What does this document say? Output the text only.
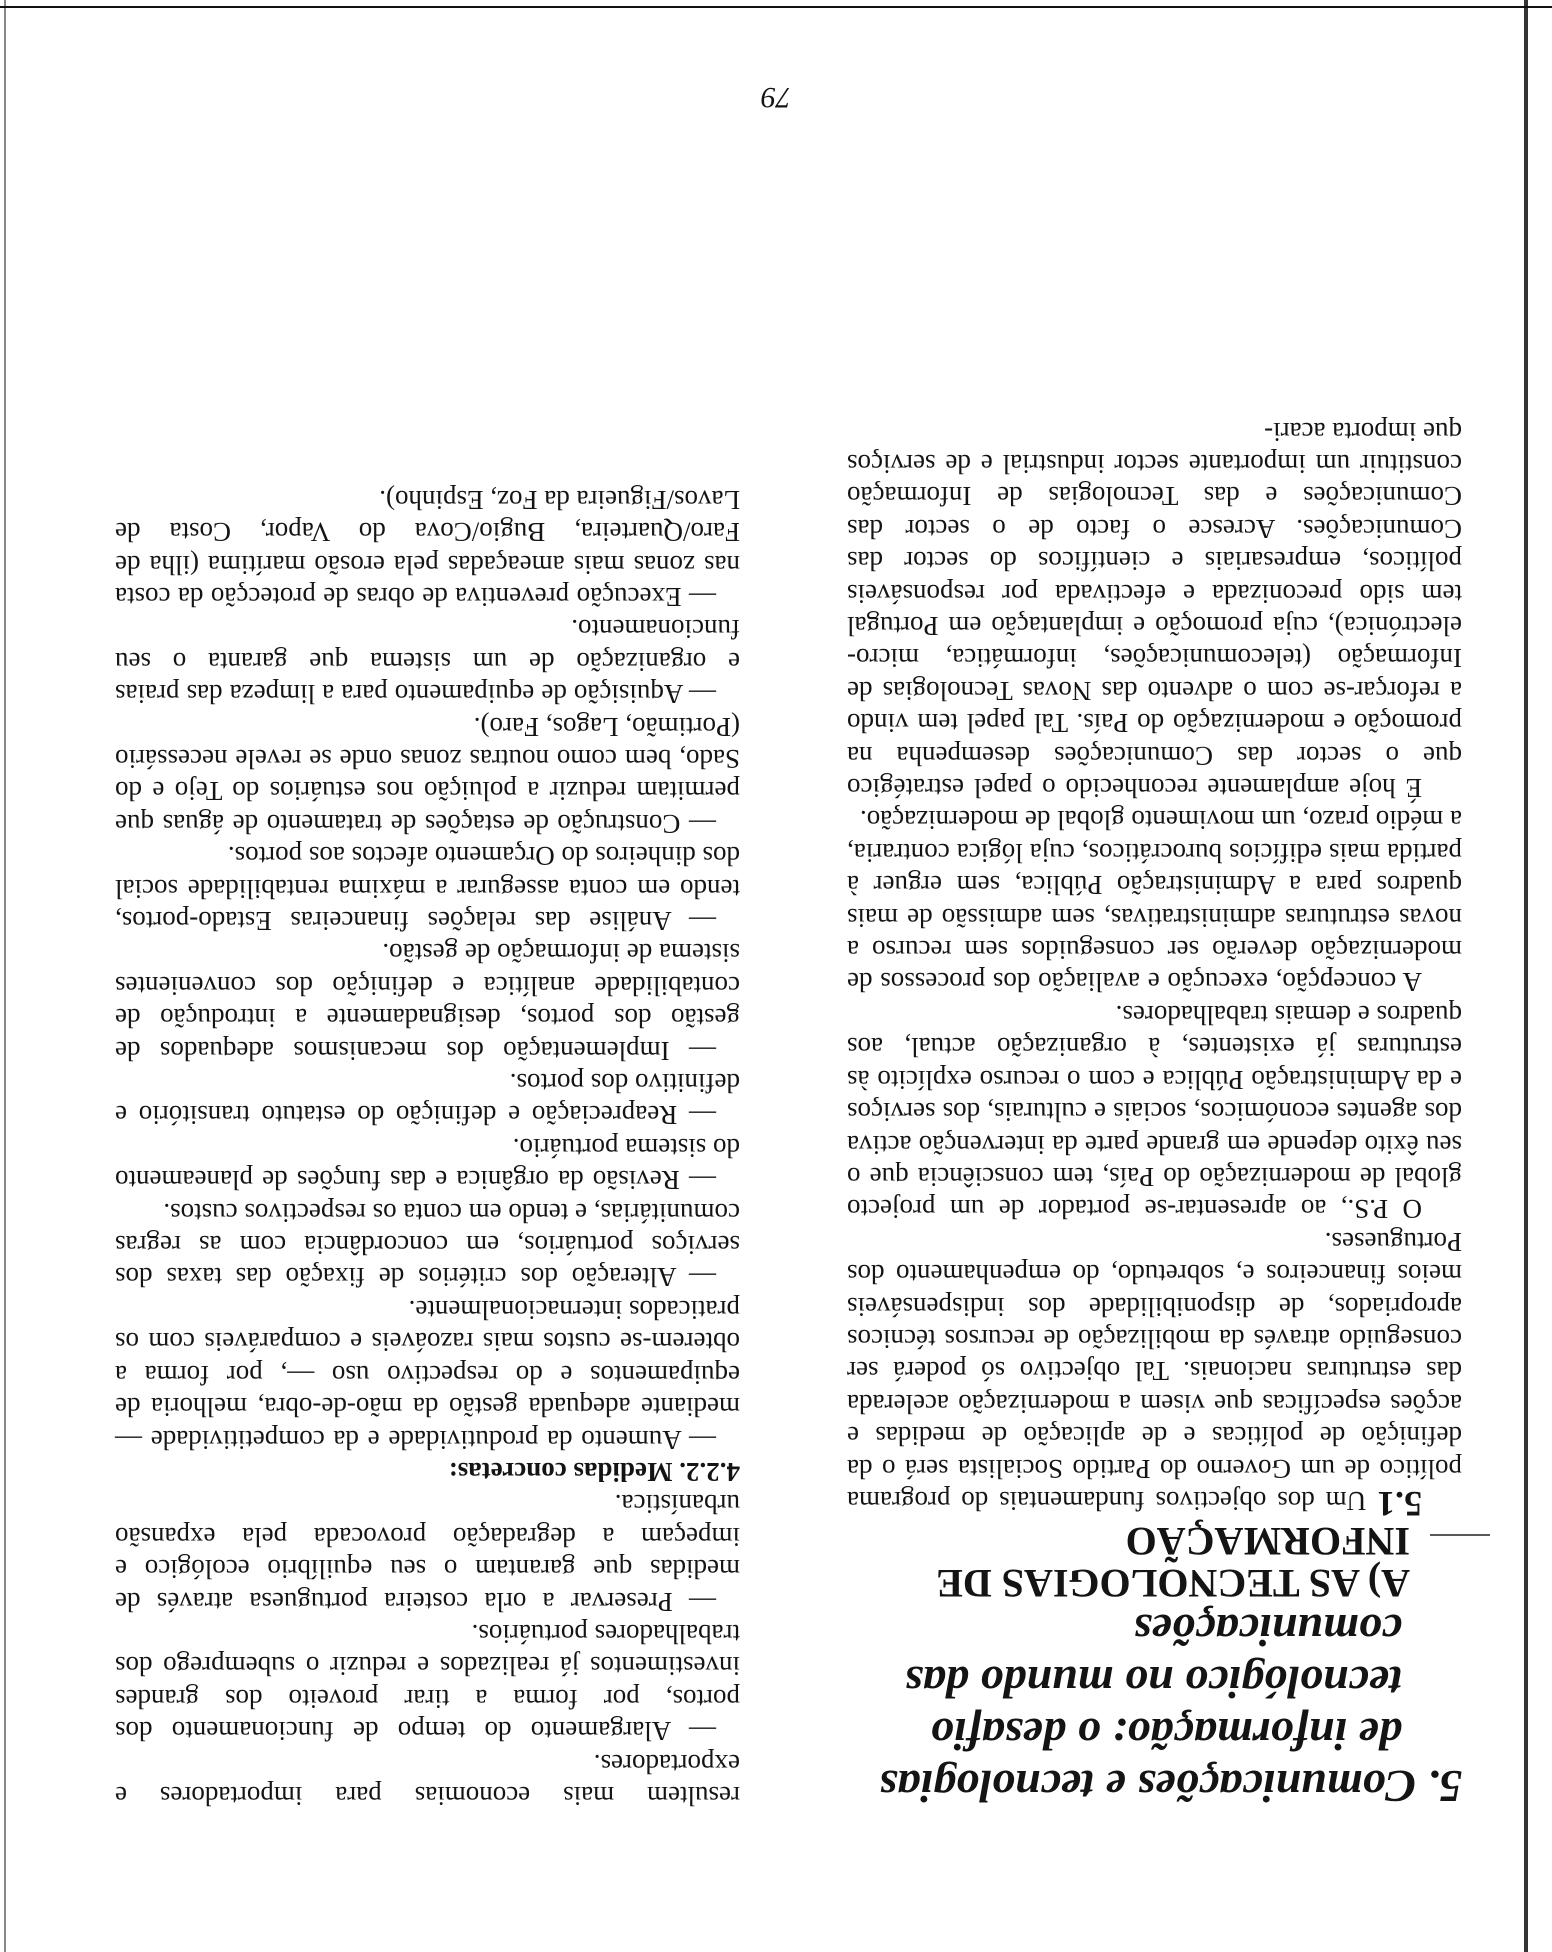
79

5. Comunicações e tecnologias de informação: o desafio tecnológico no mundo das comunicações

A) AS TECNOLOGIAS DE INFORMAÇÃO

5.1 Um dos objectivos fundamentais do programa político de um Governo do Partido Socialista será o da definição de políticas e de aplicação de medidas e acções específicas que visem a modernização acelerada das estruturas nacionais. Tal objectivo só poderá ser conseguido através da mobilização de recursos técnicos apropriados, de disponibilidade dos indispensáveis meios financeiros e, sobretudo, do empenhamento dos Portugueses.

O P.S., ao apresentar-se portador de um projecto global de modernização do País, tem consciência que o seu êxito depende em grande parte da intervenção activa dos agentes económicos, sociais e culturais, dos serviços e da Administração Pública e com o recurso explícito às estruturas já existentes, à organização actual, aos quadros e demais trabalhadores.

A concepção, execução e avaliação dos processos de modernização deverão ser conseguidos sem recurso a novas estruturas administrativas, sem admissão de mais quadros para a Administração Pública, sem erguer à partida mais edifícios burocráticos, cuja lógica contraria, a médio prazo, um movimento global de modernização.

É hoje amplamente reconhecido o papel estratégico que o sector das Comunicações desempenha na promoção e modernização do País. Tal papel tem vindo a reforçar-se com o advento das Novas Tecnologias de Informação (telecomunicações, informática, micro-electrónica), cuja promoção e implantação em Portugal tem sido preconizada e efectivada por responsáveis políticos, empresariais e científicos do sector das Comunicações. Acresce o facto de o sector das Comunicações e das Tecnologias de Informação constituir um importante sector industrial e de serviços que importa acari-

resultem mais economias para importadores e exportadores.

— Alargamento do tempo de funcionamento dos portos, por forma a tirar proveito dos grandes investimentos já realizados e reduzir o subemprego dos trabalhadores portuários.

— Preservar a orla costeira portuguesa através de medidas que garantam o seu equilíbrio ecológico e impeçam a degradação provocada pela expansão urbanística.

4.2.2. Medidas concretas:

— Aumento da produtividade e da competitividade — mediante adequada gestão da mão-de-obra, melhoria de equipamentos e do respectivo uso —, por forma a obterem-se custos mais razoáveis e comparáveis com os praticados internacionalmente.

— Alteração dos critérios de fixação das taxas dos serviços portuários, em concordância com as regras comunitárias, e tendo em conta os respectivos custos.

— Revisão da orgânica e das funções de planeamento do sistema portuário.

— Reapreciação e definição do estatuto transitório e definitivo dos portos.

— Implementação dos mecanismos adequados de gestão dos portos, designadamente a introdução de contabilidade analítica e definição dos convenientes sistema de informação de gestão.

— Análise das relações financeiras Estado-portos, tendo em conta assegurar a máxima rentabilidade social dos dinheiros do Orçamento afectos aos portos.

— Construção de estações de tratamento de águas que permitam reduzir a poluição nos estuários do Tejo e do Sado, bem como noutras zonas onde se revele necessário (Portimão, Lagos, Faro).

— Aquisição de equipamento para a limpeza das praias e organização de um sistema que garanta o seu funcionamento.

— Execução preventiva de obras de protecção da costa nas zonas mais ameaçadas pela erosão marítima (ilha de Faro/Quarteira, Bugio/Cova do Vapor, Costa de Lavos/Figueira da Foz, Espinho).
